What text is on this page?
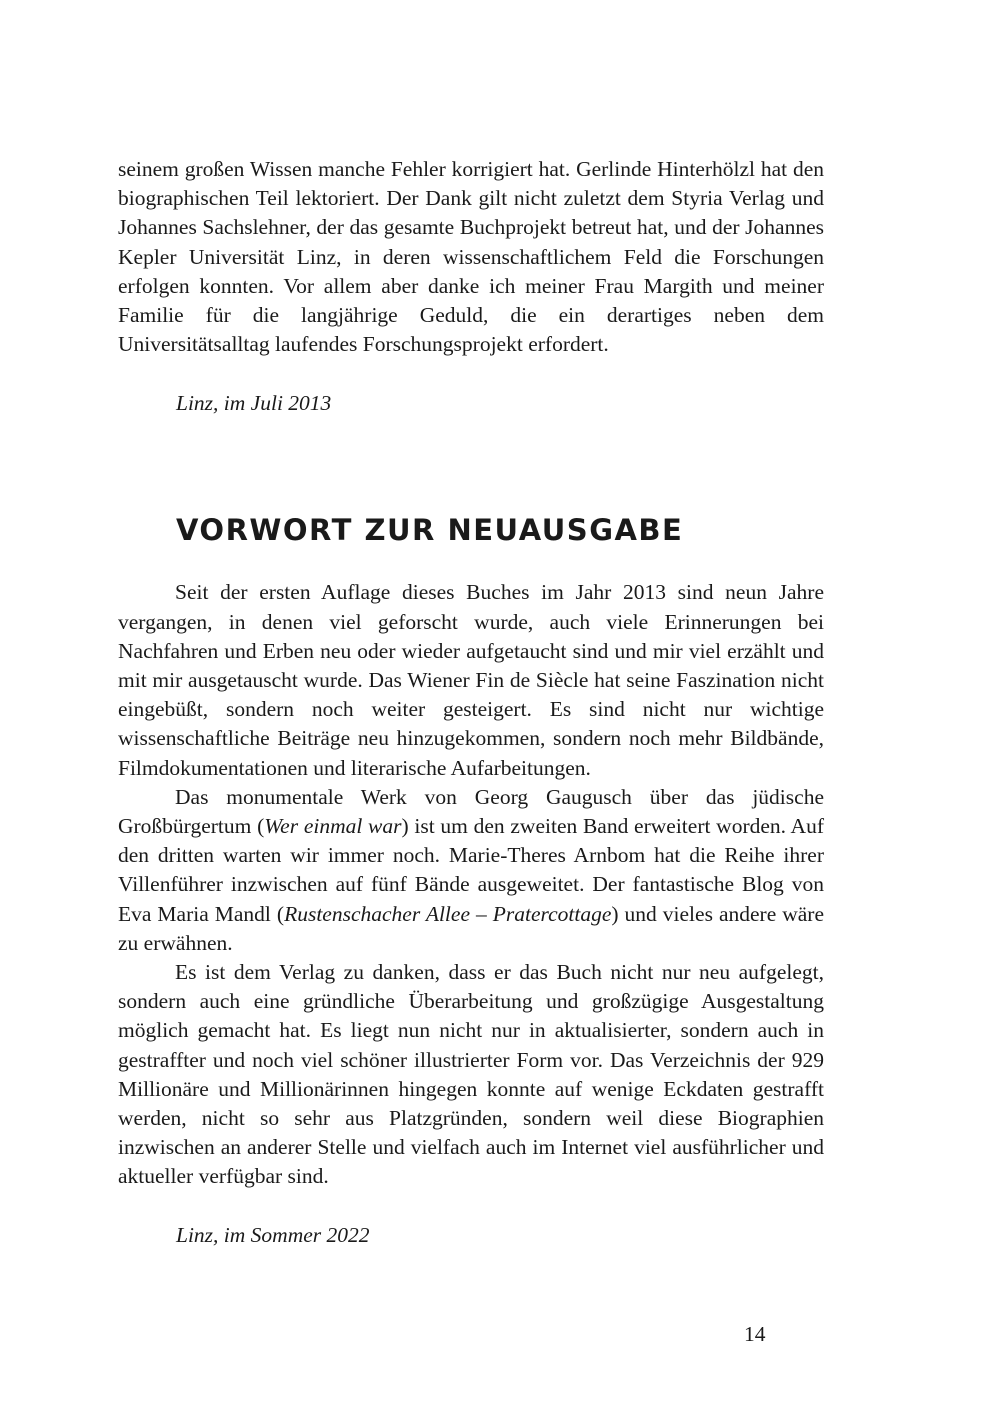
seinem großen Wissen manche Fehler korrigiert hat. Gerlinde Hinterhölzl hat den biographischen Teil lektoriert. Der Dank gilt nicht zuletzt dem Styria Verlag und Johannes Sachslehner, der das gesamte Buchprojekt betreut hat, und der Johannes Kepler Universität Linz, in deren wissenschaftlichem Feld die Forschungen erfolgen konnten. Vor allem aber danke ich meiner Frau Margith und meiner Familie für die langjährige Geduld, die ein derartiges neben dem Universitätsalltag laufendes Forschungsprojekt erfordert.

Linz, im Juli 2013

VORWORT ZUR NEUAUSGABE

Seit der ersten Auflage dieses Buches im Jahr 2013 sind neun Jahre vergangen, in denen viel geforscht wurde, auch viele Erinnerungen bei Nachfahren und Erben neu oder wieder aufgetaucht sind und mir viel erzählt und mit mir ausgetauscht wurde. Das Wiener Fin de Siècle hat seine Faszination nicht eingebüßt, sondern noch weiter gesteigert. Es sind nicht nur wichtige wissenschaftliche Beiträge neu hinzugekommen, sondern noch mehr Bildbände, Filmdokumentationen und literarische Aufarbeitungen.

Das monumentale Werk von Georg Gaugusch über das jüdische Großbürgertum (Wer einmal war) ist um den zweiten Band erweitert worden. Auf den dritten warten wir immer noch. Marie-Theres Arnbom hat die Reihe ihrer Villenführer inzwischen auf fünf Bände ausgeweitet. Der fantastische Blog von Eva Maria Mandl (Rustenschacher Allee – Pratercottage) und vieles andere wäre zu erwähnen.

Es ist dem Verlag zu danken, dass er das Buch nicht nur neu aufgelegt, sondern auch eine gründliche Überarbeitung und großzügige Ausgestaltung möglich gemacht hat. Es liegt nun nicht nur in aktualisierter, sondern auch in gestraffter und noch viel schöner illustrierter Form vor. Das Verzeichnis der 929 Millionäre und Millionärinnen hingegen konnte auf wenige Eckdaten gestrafft werden, nicht so sehr aus Platzgründen, sondern weil diese Biographien inzwischen an anderer Stelle und vielfach auch im Internet viel ausführlicher und aktueller verfügbar sind.

Linz, im Sommer 2022

14
